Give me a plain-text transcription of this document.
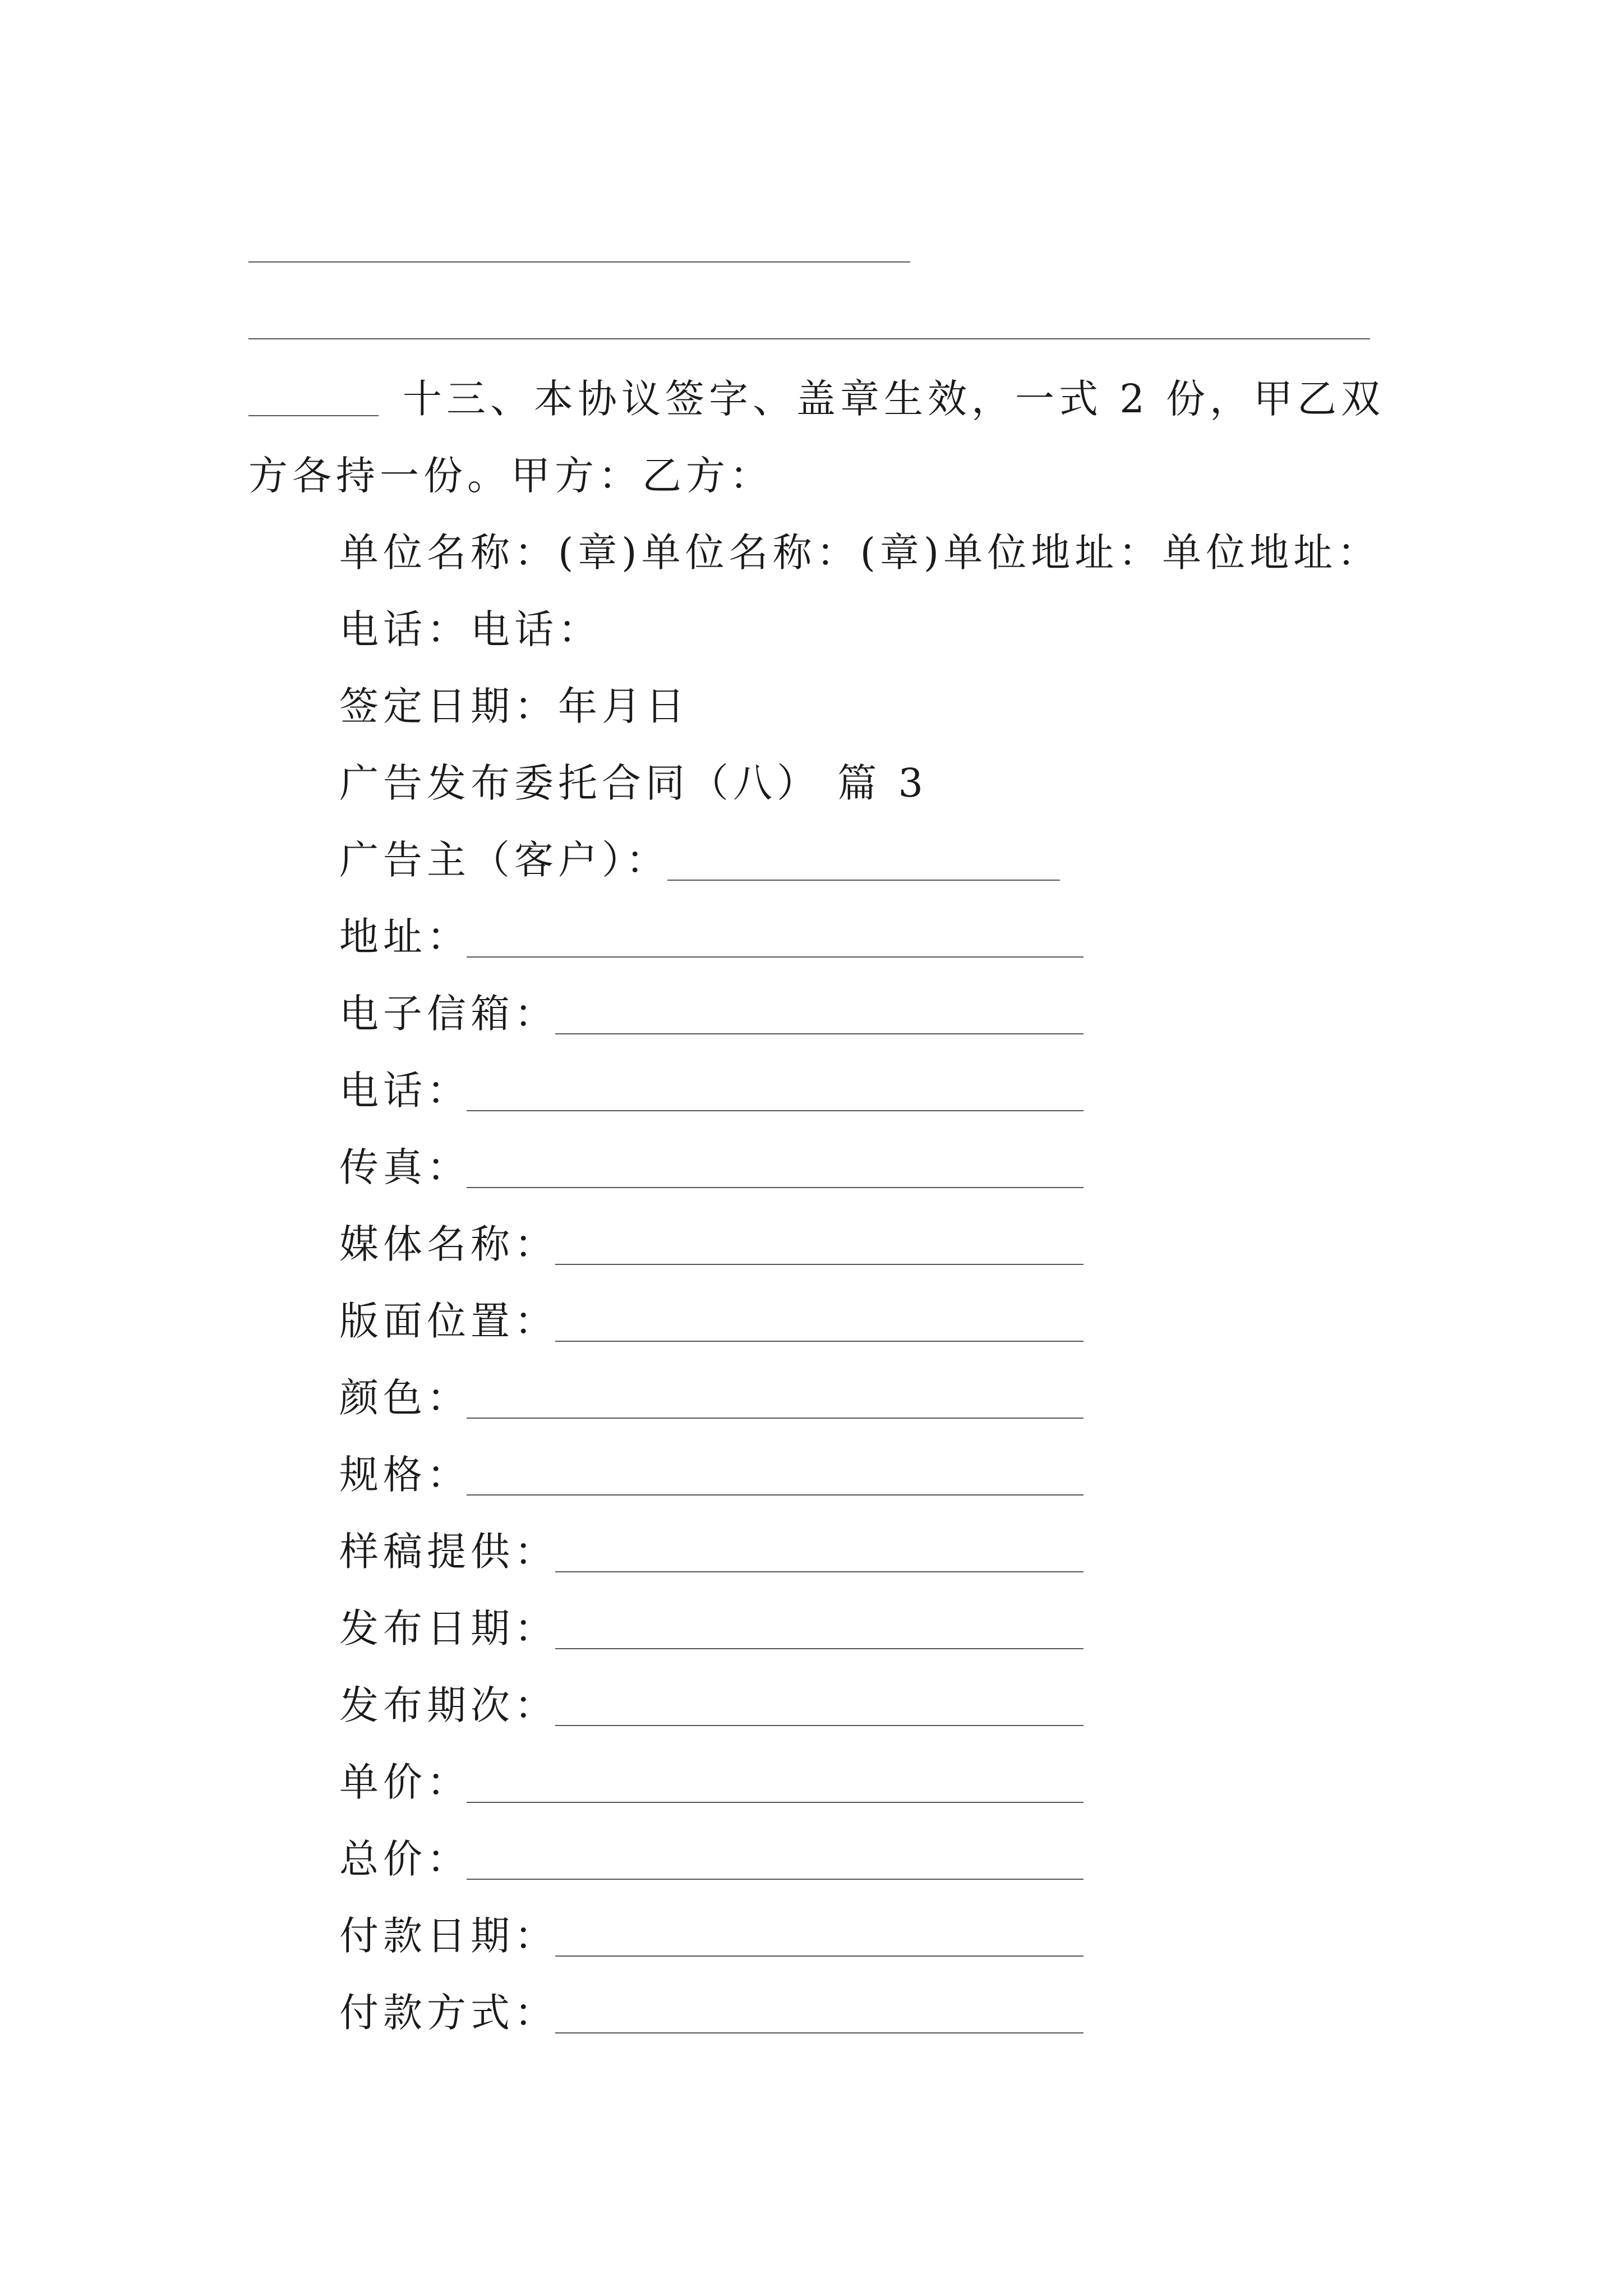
十三、本协议签字、盖章生效，一式 2 份，甲乙双
方各持一份。甲方：乙方：
单位名称：(章)单位名称：(章)单位地址：单位地址：
电话：电话：
签定日期：年月日
广告发布委托合同（八） 篇 3
广告主（客户）：
地址：
电子信箱：
电话：
传真：
媒体名称：
版面位置：
颜色：
规格：
样稿提供：
发布日期：
发布期次：
单价：
总价：
付款日期：
付款方式：
